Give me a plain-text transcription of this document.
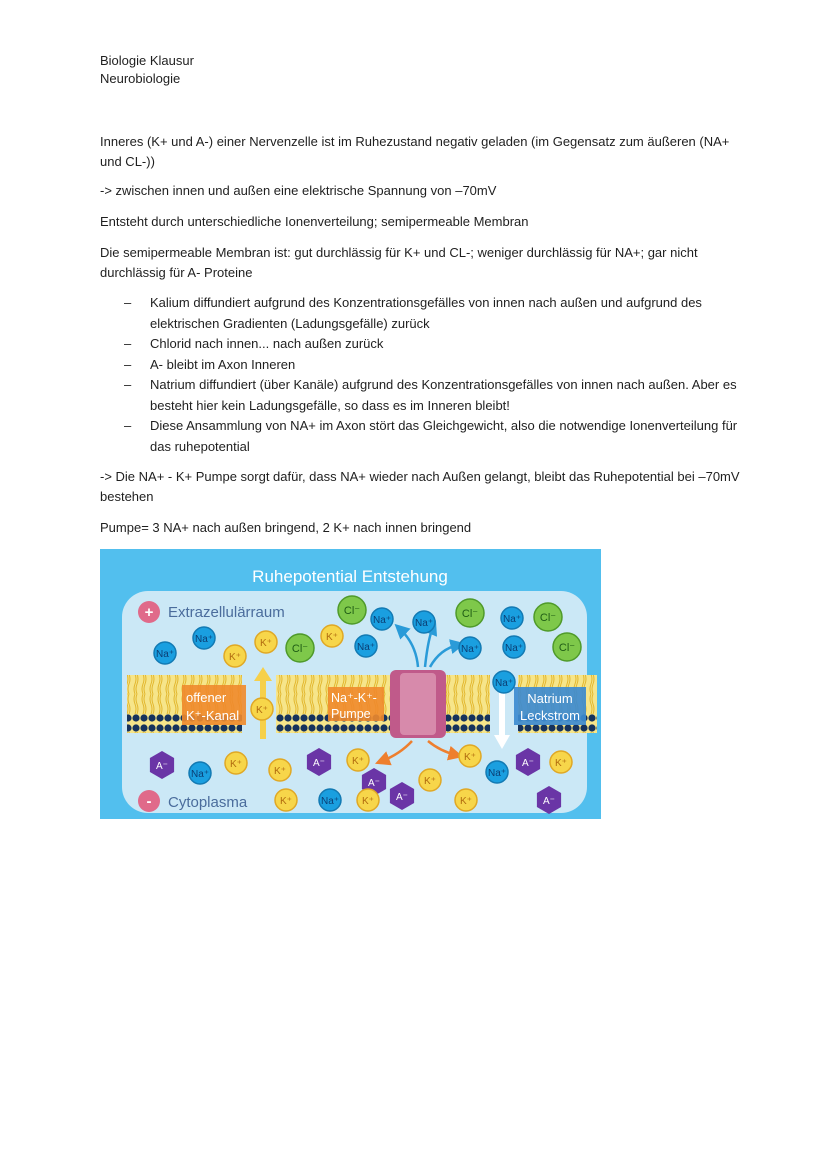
Biologie Klausur
Neurobiologie

Inneres (K+ und A-) einer Nervenzelle ist im Ruhezustand negativ geladen (im Gegensatz zum äußeren (NA+ und CL-))

-> zwischen innen und außen eine elektrische Spannung von –70mV

Entsteht durch unterschiedliche Ionenverteilung; semipermeable Membran

Die semipermeable Membran ist: gut durchlässig für K+ und CL-; weniger durchlässig für NA+; gar nicht durchlässig für A- Proteine

– Kalium diffundiert aufgrund des Konzentrationsgefälles von innen nach außen und aufgrund des elektrischen Gradienten (Ladungsgefälle) zurück
– Chlorid nach innen... nach außen zurück
– A- bleibt im Axon Inneren
– Natrium diffundiert (über Kanäle) aufgrund des Konzentrationsgefälles von innen nach außen. Aber es besteht hier kein Ladungsgefälle, so dass es im Inneren bleibt!
– Diese Ansammlung von NA+ im Axon stört das Gleichgewicht, also die notwendige Ionenverteilung für das ruhepotential

-> Die NA+ - K+ Pumpe sorgt dafür, dass NA+ wieder nach Außen gelangt, bleibt das Ruhepotential bei –70mV bestehen

Pumpe= 3 NA+ nach außen bringend, 2 K+ nach innen bringend

Ruhepotential Entstehung
+ Extrazellulärraum
- Cytoplasma
offener
K⁺-Kanal
Na⁺-K⁺-
Pumpe
Natrium
Leckstrom
Cl⁻
Na⁺ Na⁺
Cl⁻ Na⁺ Cl⁻
Na⁺	K⁺ Cl⁻
K⁺
Na⁺	Na⁺	Na⁺	Cl⁻
Na⁺	K⁺
Na⁺
K⁺
A⁻
Na⁺
K⁺
K⁺
A⁻	K⁺	K⁺
A⁻ K⁺
Na⁺
A⁻	K⁺
K⁺	Na⁺ K⁺ A⁻	K⁺	A⁻
